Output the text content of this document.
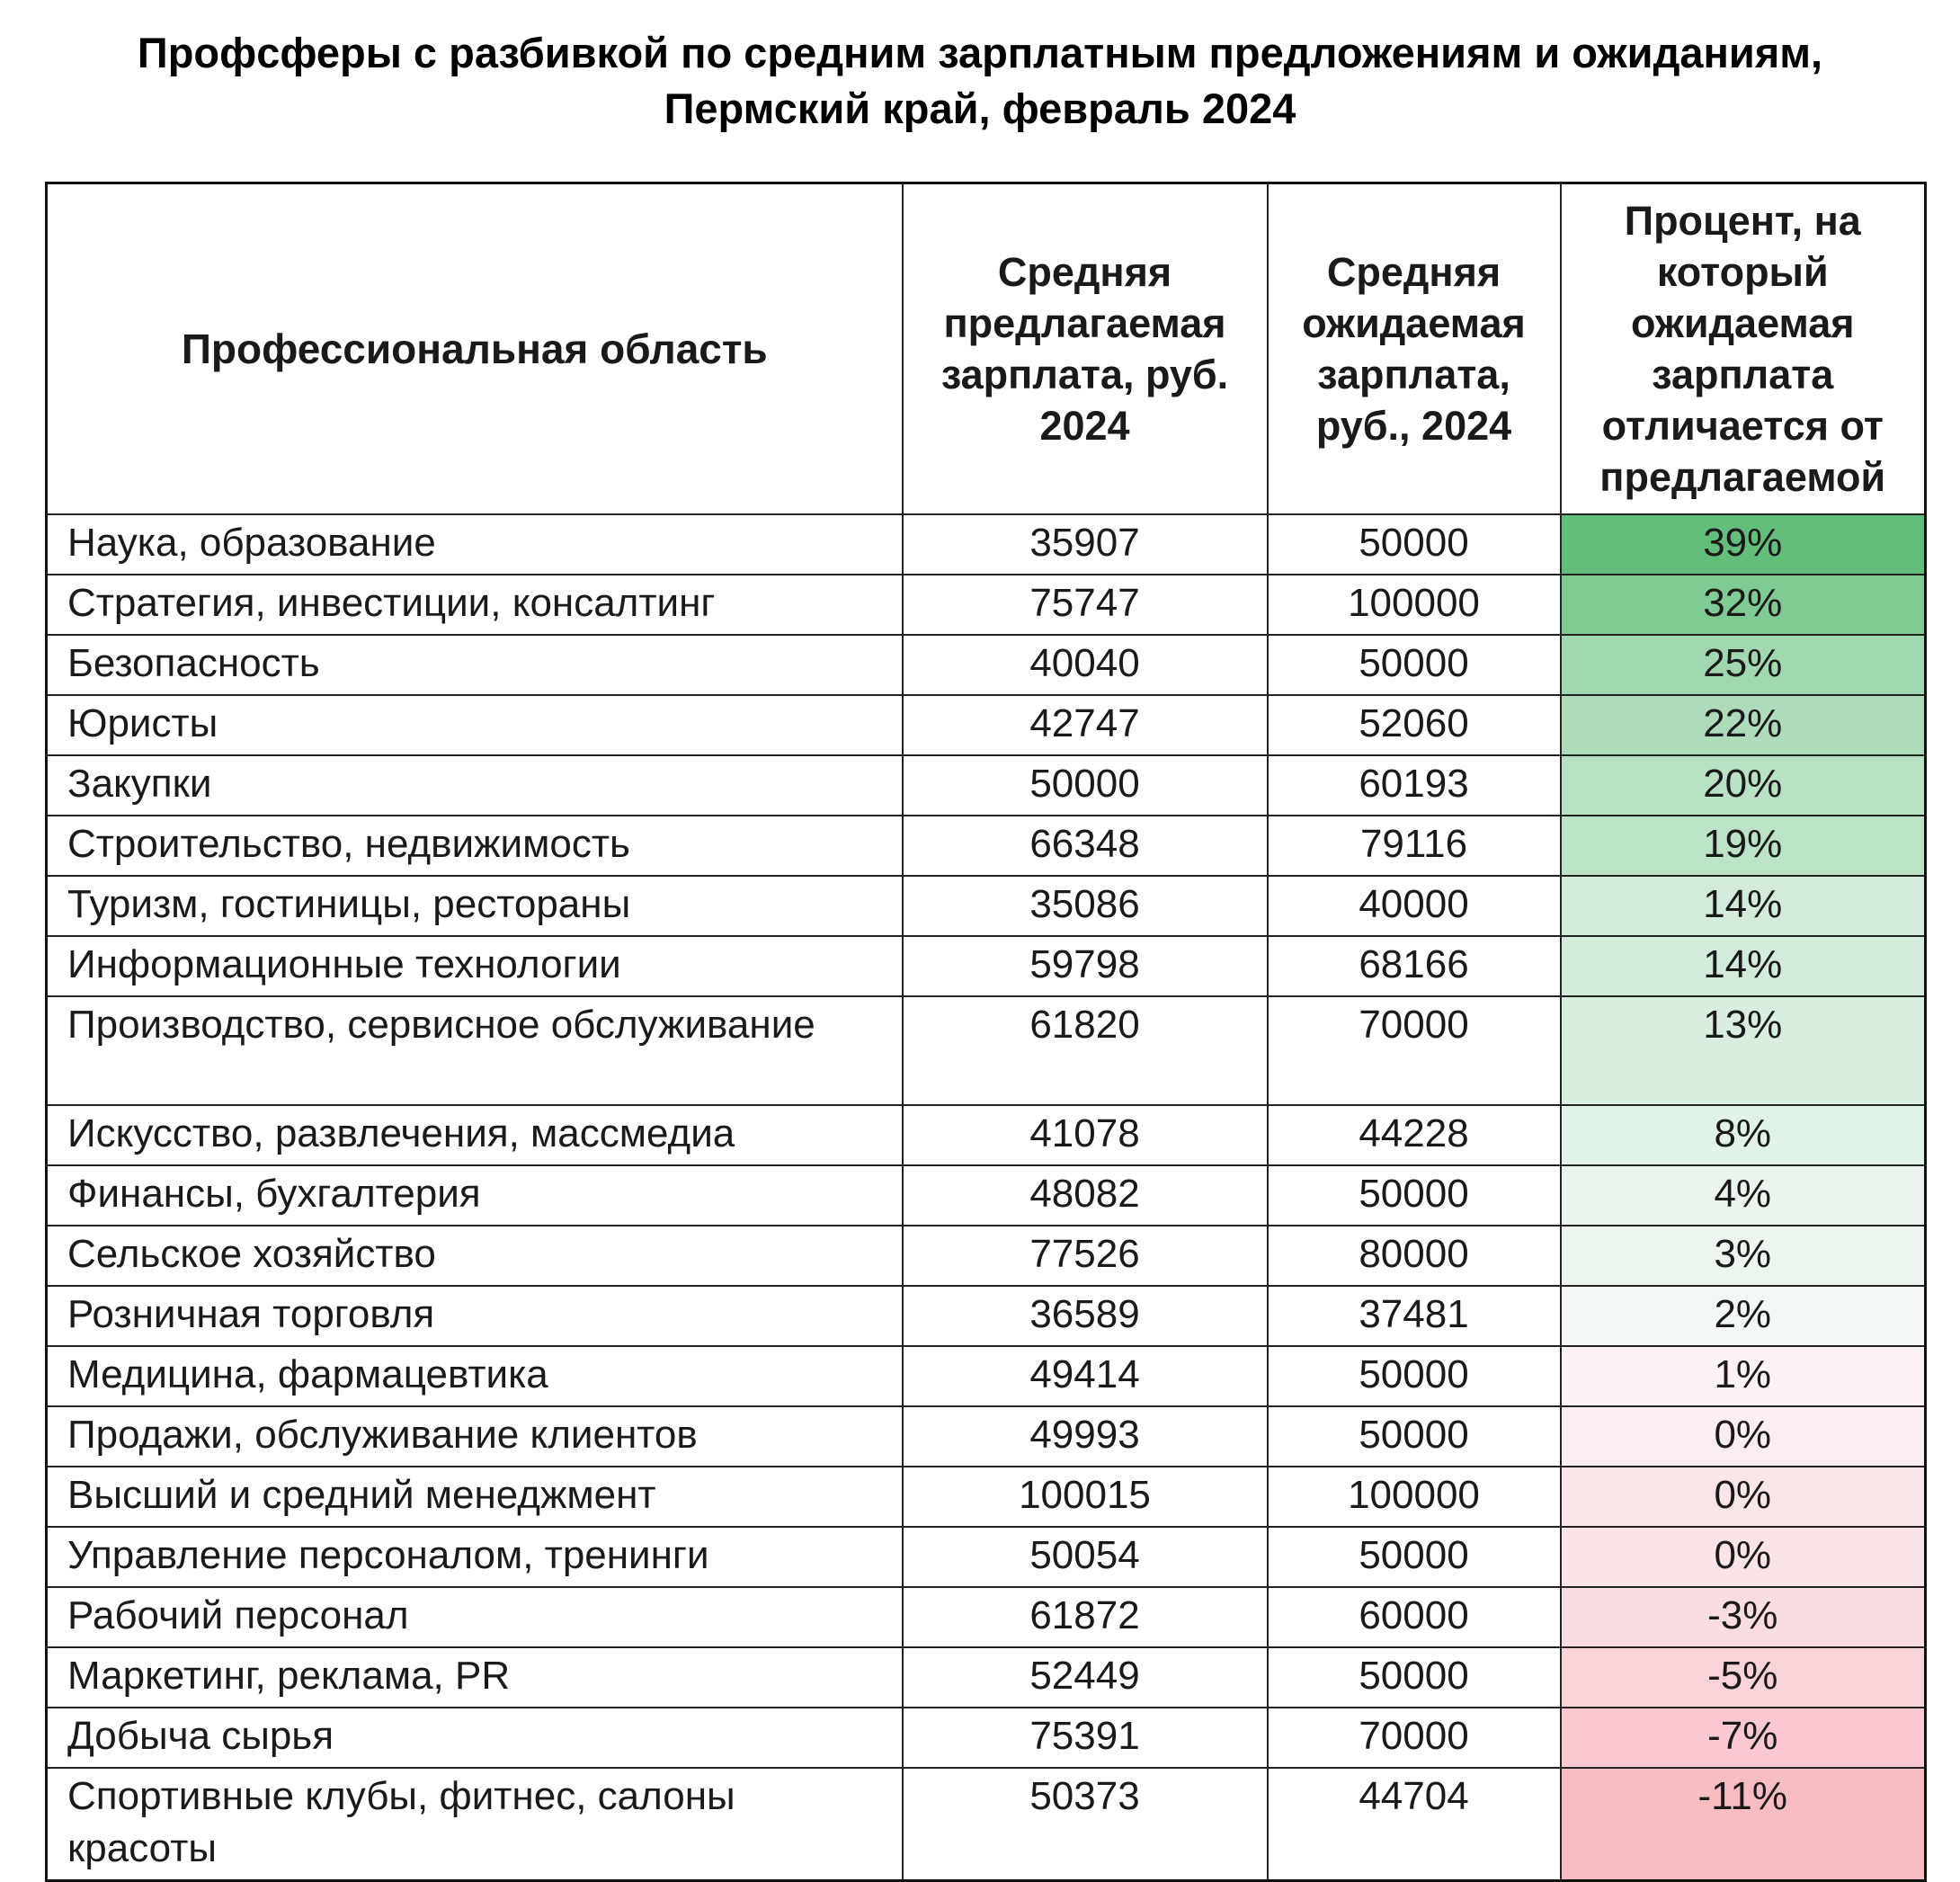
Профсферы с разбивкой по средним зарплатным предложениям и ожиданиям,
Пермский край, февраль 2024
Профессиональная область	Средняя предлагаемая зарплата, руб. 2024	Средняя ожидаемая зарплата, руб., 2024	Процент, на который ожидаемая зарплата отличается от предлагаемой
Наука, образование	35907	50000	39%
Стратегия, инвестиции, консалтинг	75747	100000	32%
Безопасность	40040	50000	25%
Юристы	42747	52060	22%
Закупки	50000	60193	20%
Строительство, недвижимость	66348	79116	19%
Туризм, гостиницы, рестораны	35086	40000	14%
Информационные технологии	59798	68166	14%
Производство, сервисное обслуживание	61820	70000	13%
Искусство, развлечения, массмедиа	41078	44228	8%
Финансы, бухгалтерия	48082	50000	4%
Сельское хозяйство	77526	80000	3%
Розничная торговля	36589	37481	2%
Медицина, фармацевтика	49414	50000	1%
Продажи, обслуживание клиентов	49993	50000	0%
Высший и средний менеджмент	100015	100000	0%
Управление персоналом, тренинги	50054	50000	0%
Рабочий персонал	61872	60000	-3%
Маркетинг, реклама, PR	52449	50000	-5%
Добыча сырья	75391	70000	-7%
Спортивные клубы, фитнес, салоны красоты	50373	44704	-11%
